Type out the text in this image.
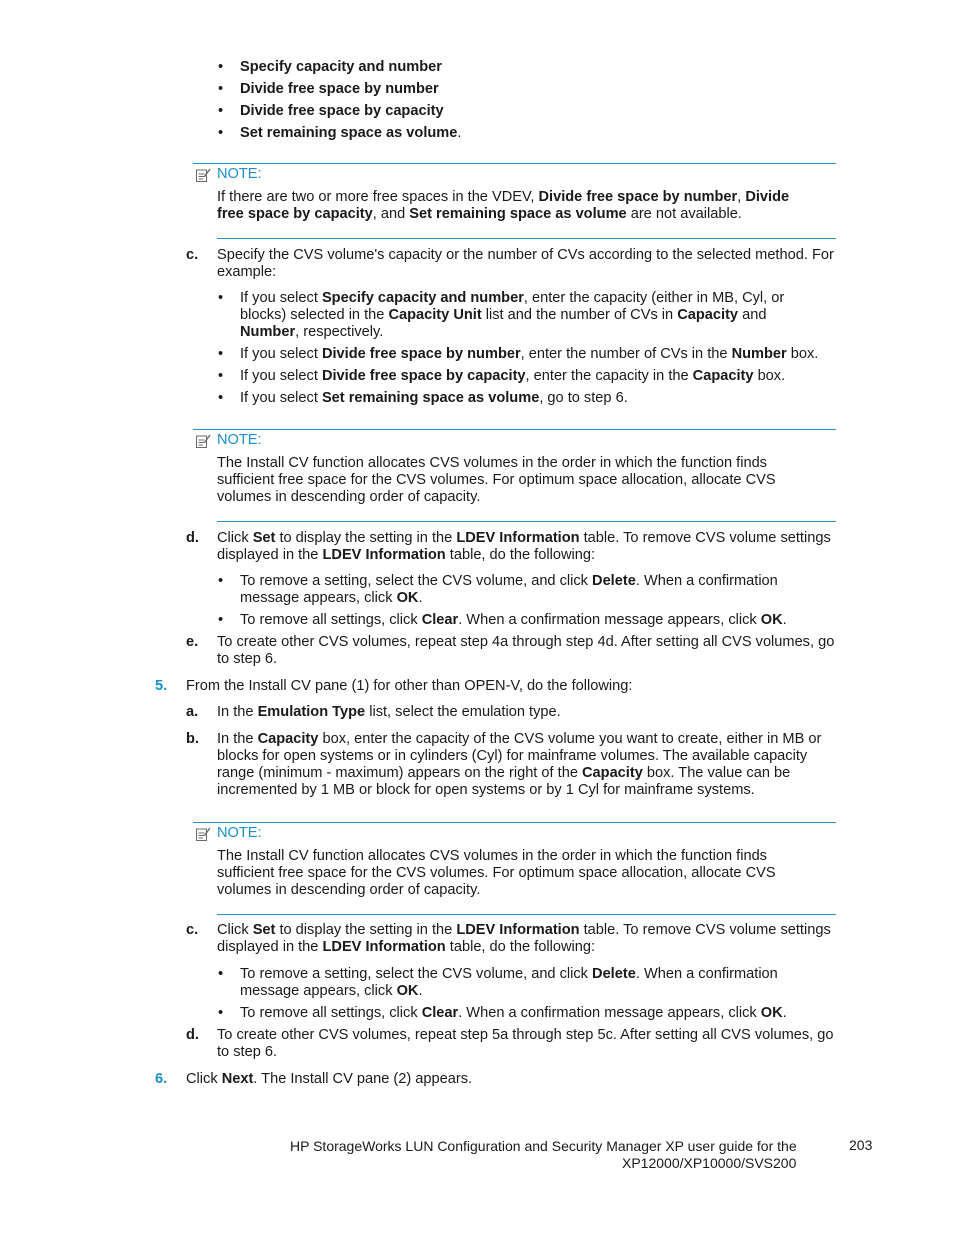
• Specify capacity and number
• Divide free space by number
• Divide free space by capacity
• Set remaining space as volume.
NOTE:
If there are two or more free spaces in the VDEV, Divide free space by number, Divide
free space by capacity, and Set remaining space as volume are not available.
c. Specify the CVS volume's capacity or the number of CVs according to the selected method. For
example:
• If you select Specify capacity and number, enter the capacity (either in MB, Cyl, or
blocks) selected in the Capacity Unit list and the number of CVs in Capacity and
Number, respectively.
• If you select Divide free space by number, enter the number of CVs in the Number box.
• If you select Divide free space by capacity, enter the capacity in the Capacity box.
• If you select Set remaining space as volume, go to step 6.
NOTE:
The Install CV function allocates CVS volumes in the order in which the function finds
sufficient free space for the CVS volumes. For optimum space allocation, allocate CVS
volumes in descending order of capacity.
d. Click Set to display the setting in the LDEV Information table. To remove CVS volume settings
displayed in the LDEV Information table, do the following:
• To remove a setting, select the CVS volume, and click Delete. When a confirmation
message appears, click OK.
• To remove all settings, click Clear. When a confirmation message appears, click OK.
e. To create other CVS volumes, repeat step 4a through step 4d. After setting all CVS volumes, go
to step 6.
5. From the Install CV pane (1) for other than OPEN-V, do the following:
a. In the Emulation Type list, select the emulation type.
b. In the Capacity box, enter the capacity of the CVS volume you want to create, either in MB or
blocks for open systems or in cylinders (Cyl) for mainframe volumes. The available capacity
range (minimum - maximum) appears on the right of the Capacity box. The value can be
incremented by 1 MB or block for open systems or by 1 Cyl for mainframe systems.
NOTE:
The Install CV function allocates CVS volumes in the order in which the function finds
sufficient free space for the CVS volumes. For optimum space allocation, allocate CVS
volumes in descending order of capacity.
c. Click Set to display the setting in the LDEV Information table. To remove CVS volume settings
displayed in the LDEV Information table, do the following:
• To remove a setting, select the CVS volume, and click Delete. When a confirmation
message appears, click OK.
• To remove all settings, click Clear. When a confirmation message appears, click OK.
d. To create other CVS volumes, repeat step 5a through step 5c. After setting all CVS volumes, go
to step 6.
6. Click Next. The Install CV pane (2) appears.
HP StorageWorks LUN Configuration and Security Manager XP user guide for the
XP12000/XP10000/SVS200
203
